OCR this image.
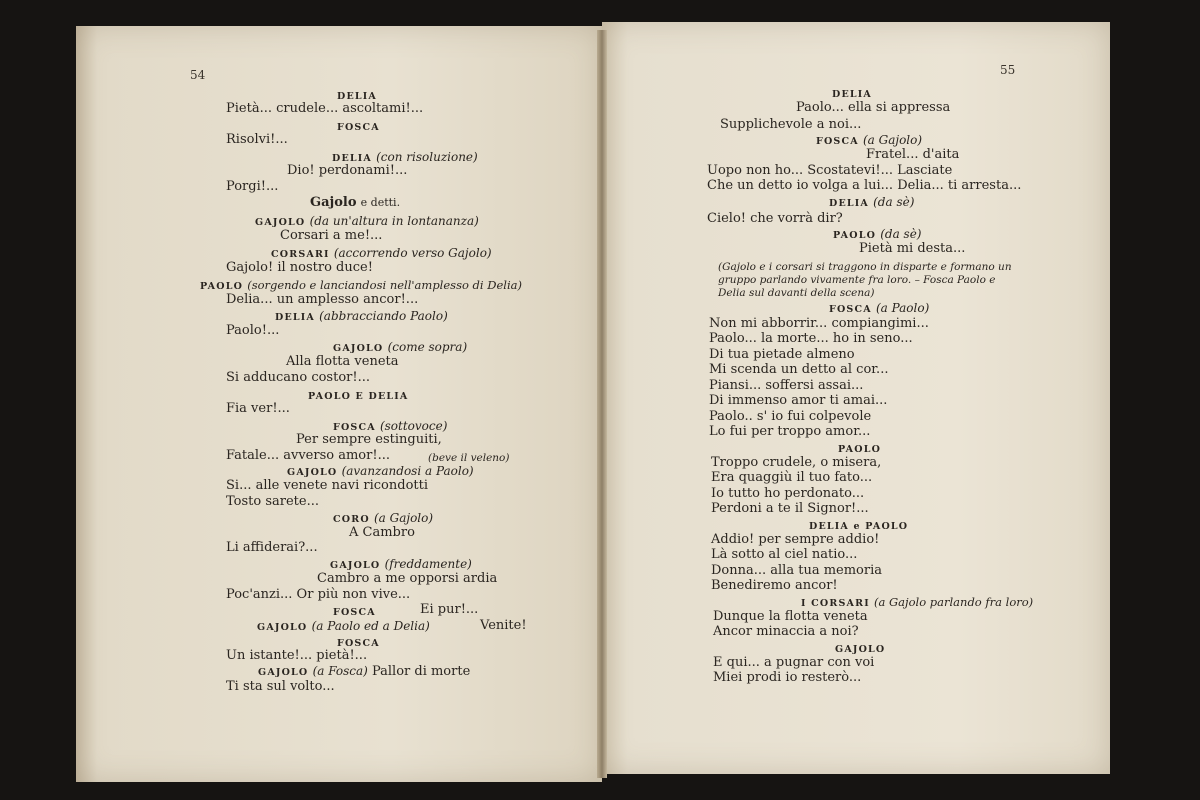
54	55
DELIA
Pietà... crudele... ascoltami!...
FOSCA
Risolvi!...
DELIA (con risoluzione)
Dio! perdonami!...
Porgi!...
Gajolo e detti.
GAJOLO (da un'altura in lontananza)
Corsari a me!...
CORSARI (accorrendo verso Gajolo)
Gajolo! il nostro duce!
PAOLO (sorgendo e lanciandosi nell'amplesso di Delia)
Delia... un amplesso ancor!...
DELIA (abbracciando Paolo)
Paolo!...
GAJOLO (come sopra)
Alla flotta veneta
Si adducano costor!...
PAOLO E DELIA
Fia ver!...
FOSCA (sottovoce)
Per sempre estinguiti,
Fatale... avverso amor!...	(beve il veleno)
GAJOLO (avanzandosi a Paolo)
Si... alle venete navi ricondotti
Tosto sarete...
CORO (a Gajolo)
A Cambro
Li affiderai?...
GAJOLO (freddamente)
Cambro a me opporsi ardia
Poc'anzi... Or più non vive...
FOSCA	Ei pur!...
GAJOLO (a Paolo ed a Delia)	Venite!
FOSCA
Un istante!... pietà!...
GAJOLO (a Fosca) Pallor di morte
Ti sta sul volto...
DELIA
Paolo... ella si appressa
Supplichevole a noi...
FOSCA (a Gajolo)
Fratel... d'aita
Uopo non ho... Scostatevi!... Lasciate
Che un detto io volga a lui... Delia... ti arresta...
DELIA (da sè)
Cielo! che vorrà dir?
PAOLO (da sè)
Pietà mi desta...
(Gajolo e i corsari si traggono in disparte e formano un
gruppo parlando vivamente fra loro. – Fosca Paolo e
Delia sul davanti della scena)
FOSCA (a Paolo)
Non mi abborrir... compiangimi...
Paolo... la morte... ho in seno...
Di tua pietade almeno
Mi scenda un detto al cor...
Piansi... soffersi assai...
Di immenso amor ti amai...
Paolo.. s' io fui colpevole
Lo fui per troppo amor...
PAOLO
Troppo crudele, o misera,
Era quaggiù il tuo fato...
Io tutto ho perdonato...
Perdoni a te il Signor!...
DELIA e PAOLO
Addio! per sempre addio!
Là sotto al ciel natio...
Donna... alla tua memoria
Benediremo ancor!
I CORSARI (a Gajolo parlando fra loro)
Dunque la flotta veneta
Ancor minaccia a noi?
GAJOLO
E qui... a pugnar con voi
Miei prodi io resterò...
